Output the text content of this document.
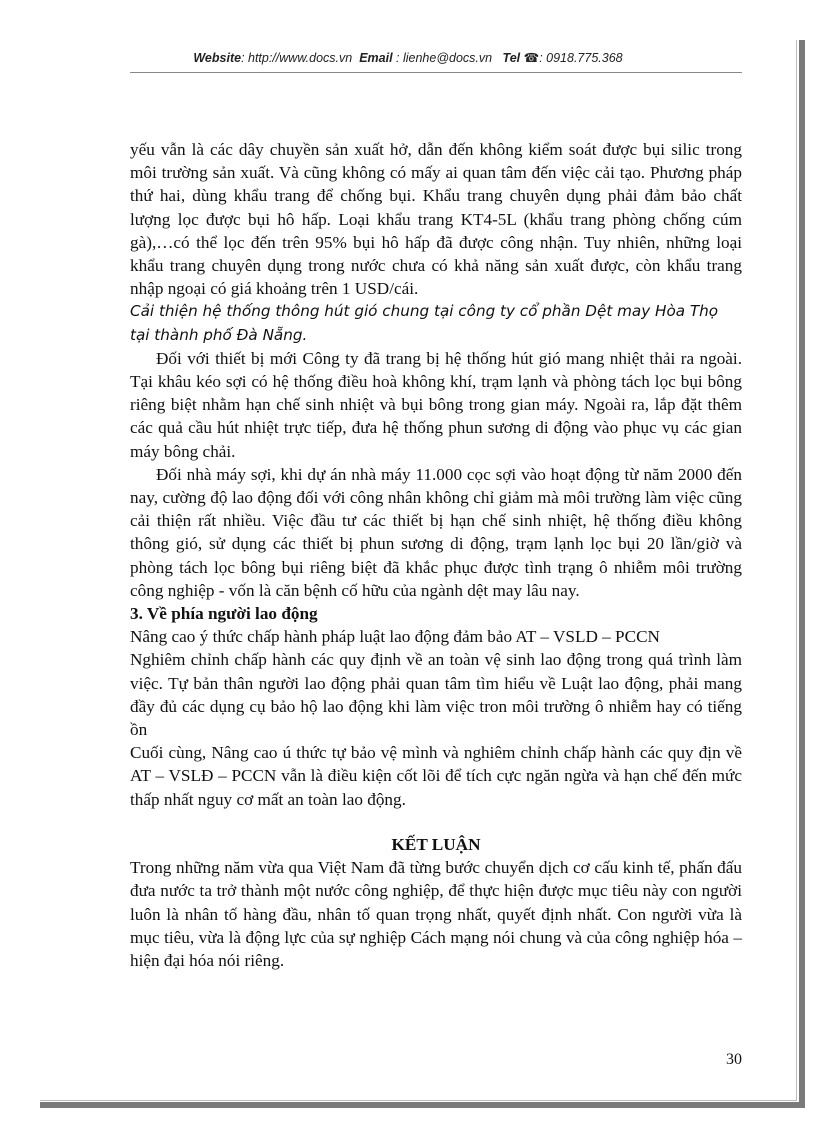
Website: http://www.docs.vn Email : lienhe@docs.vn Tel ☎: 0918.775.368

yếu vẫn là các dây chuyền sản xuất hở, dẫn đến không kiểm soát được bụi silic trong môi trường sản xuất. Và cũng không có mấy ai quan tâm đến việc cải tạo. Phương pháp thứ hai, dùng khẩu trang để chống bụi. Khẩu trang chuyên dụng phải đảm bảo chất lượng lọc được bụi hô hấp. Loại khẩu trang KT4-5L (khẩu trang phòng chống cúm gà),…có thể lọc đến trên 95% bụi hô hấp đã được công nhận. Tuy nhiên, những loại khẩu trang chuyên dụng trong nước chưa có khả năng sản xuất được, còn khẩu trang nhập ngoại có giá khoảng trên 1 USD/cái.

Cải thiện hệ thống thông hút gió chung tại công ty cổ phần Dệt may Hòa Thọ tại thành phố Đà Nẵng.

Đối với thiết bị mới Công ty đã trang bị hệ thống hút gió mang nhiệt thải ra ngoài. Tại khâu kéo sợi có hệ thống điều hoà không khí, trạm lạnh và phòng tách lọc bụi bông riêng biệt nhằm hạn chế sinh nhiệt và bụi bông trong gian máy. Ngoài ra, lắp đặt thêm các quả cầu hút nhiệt trực tiếp, đưa hệ thống phun sương di động vào phục vụ các gian máy bông chải.

Đối nhà máy sợi, khi dự án nhà máy 11.000 cọc sợi vào hoạt động từ năm 2000 đến nay, cường độ lao động đối với công nhân không chỉ giảm mà môi trường làm việc cũng cải thiện rất nhiều. Việc đầu tư các thiết bị hạn chế sinh nhiệt, hệ thống điều không thông gió, sử dụng các thiết bị phun sương di động, trạm lạnh lọc bụi 20 lần/giờ và phòng tách lọc bông bụi riêng biệt đã khắc phục được tình trạng ô nhiễm môi trường công nghiệp - vốn là căn bệnh cố hữu của ngành dệt may lâu nay.

3. Về phía người lao động

Nâng cao ý thức chấp hành pháp luật lao động đảm bảo AT – VSLD – PCCN

Nghiêm chỉnh chấp hành các quy định về an toàn vệ sinh lao động trong quá trình làm việc. Tự bản thân người lao động phải quan tâm tìm hiểu về Luật lao động, phải mang đầy đủ các dụng cụ bảo hộ lao động khi làm việc tron môi trường ô nhiễm hay có tiếng ồn

Cuối cùng, Nâng cao ú thức tự bảo vệ mình và nghiêm chỉnh chấp hành các quy địn về AT – VSLĐ – PCCN vẫn là điều kiện cốt lõi để tích cực ngăn ngừa và hạn chế đến mức thấp nhất nguy cơ mất an toàn lao động.

KẾT LUẬN

Trong những năm vừa qua Việt Nam đã từng bước chuyển dịch cơ cấu kinh tế, phấn đấu đưa nước ta trở thành một nước công nghiệp, để thực hiện được mục tiêu này con người luôn là nhân tố hàng đầu, nhân tố quan trọng nhất, quyết định nhất. Con người vừa là mục tiêu, vừa là động lực của sự nghiệp Cách mạng nói chung và của công nghiệp hóa – hiện đại hóa nói riêng.

30
